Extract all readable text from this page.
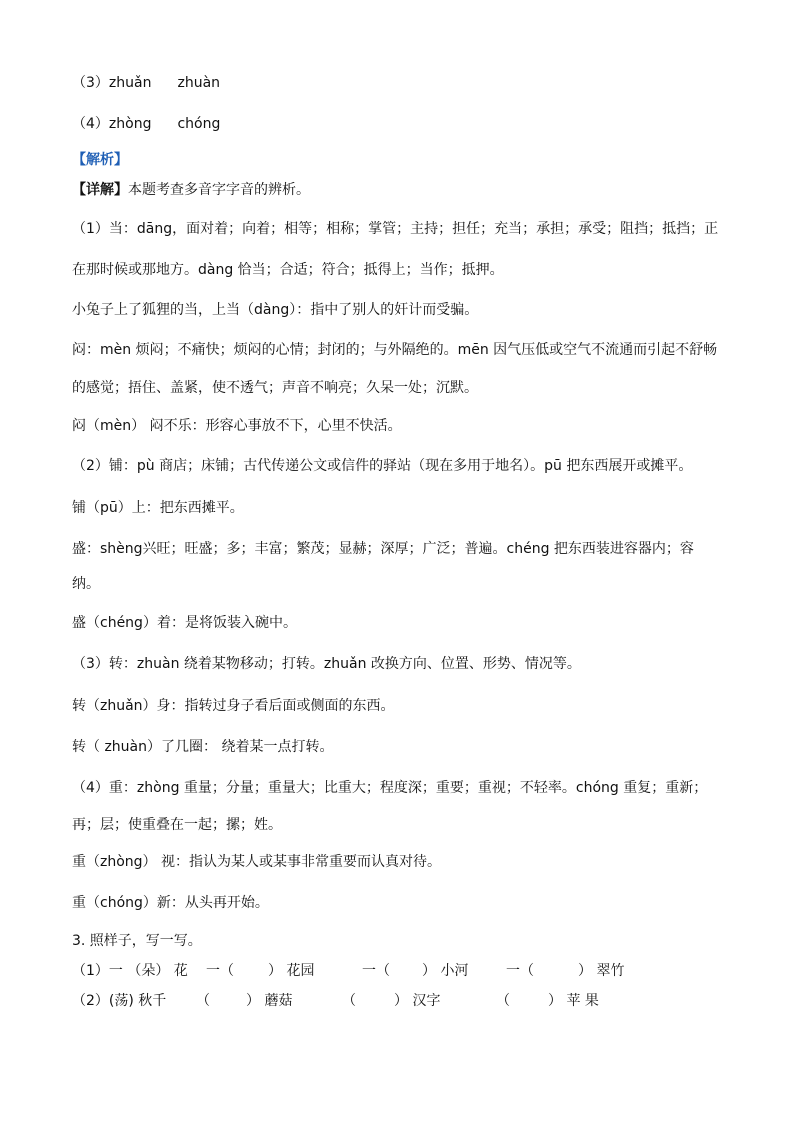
（3）zhuǎn zhuàn
（4）zhòng chóng
【解析】
【详解】本题考查多音字字音的辨析。
（1）当：dāng，面对着；向着；相等；相称；掌管；主持；担任；充当；承担；承受；阻挡；抵挡；正
在那时候或那地方。dàng 恰当；合适；符合；抵得上；当作；抵押。
小兔子上了狐狸的当，上当（dàng）：指中了别人的奸计而受骗。
闷：mèn 烦闷；不痛快；烦闷的心情；封闭的；与外隔绝的。mēn 因气压低或空气不流通而引起不舒畅
的感觉；捂住、盖紧，使不透气；声音不响亮；久呆一处；沉默。
闷（mèn） 闷不乐：形容心事放不下，心里不快活。
（2）铺：pù 商店；床铺；古代传递公文或信件的驿站（现在多用于地名）。pū 把东西展开或摊平。
铺（pū）上：把东西摊平。
盛：shèng兴旺；旺盛；多；丰富；繁茂；显赫；深厚；广泛；普遍。chéng 把东西装进容器内；容
纳。
盛（chéng）着：是将饭装入碗中。
（3）转：zhuàn 绕着某物移动；打转。zhuǎn 改换方向、位置、形势、情况等。
转（zhuǎn）身：指转过身子看后面或侧面的东西。
转（ zhuàn）了几圈： 绕着某一点打转。
（4）重：zhòng 重量；分量；重量大；比重大；程度深；重要；重视；不轻率。chóng 重复；重新；
再；层；使重叠在一起；摞；姓。
重（zhòng） 视：指认为某人或某事非常重要而认真对待。
重（chóng）新：从头再开始。
3. 照样子，写一写。
（1）一 （朵） 花 一（ ） 花园	一（ ） 小河	一（	） 翠竹
（2）(荡) 秋千 （	） 蘑菇	（	） 汉字	（	） 苹 果
